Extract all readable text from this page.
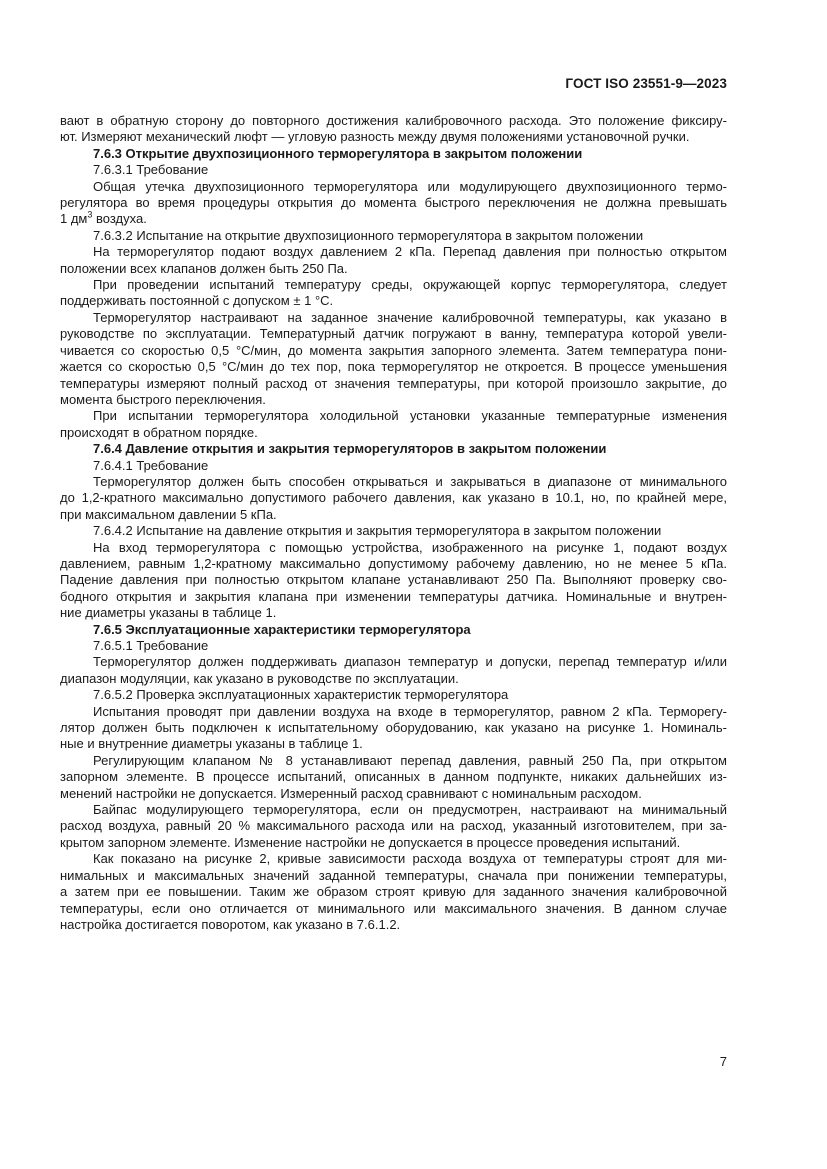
ГОСТ ISO 23551-9—2023

вают в обратную сторону до повторного достижения калибровочного расхода. Это положение фиксиру-

ют. Измеряют механический люфт — угловую разность между двумя положениями установочной ручки.

7.6.3 Открытие двухпозиционного терморегулятора в закрытом положении

7.6.3.1 Требование

Общая утечка двухпозиционного терморегулятора или модулирующего двухпозиционного термо-

регулятора во время процедуры открытия до момента быстрого переключения не должна превышать

1 $дм^3$ воздуха.

7.6.3.2 Испытание на открытие двухпозиционного терморегулятора в закрытом положении

На терморегулятор подают воздух давлением 2 кПа. Перепад давления при полностью открытом

положении всех клапанов должен быть 250 Па.

При проведении испытаний температуру среды, окружающей корпус терморегулятора, следует

поддерживать постоянной с допуском ± 1 °С.

Терморегулятор настраивают на заданное значение калибровочной температуры, как указано в

руководстве по эксплуатации. Температурный датчик погружают в ванну, температура которой увели-

чивается со скоростью 0,5 °С/мин, до момента закрытия запорного элемента. Затем температура пони-

жается со скоростью 0,5 °С/мин до тех пор, пока терморегулятор не откроется. В процессе уменьшения

температуры измеряют полный расход от значения температуры, при которой произошло закрытие, до

момента быстрого переключения.

При испытании терморегулятора холодильной установки указанные температурные изменения

происходят в обратном порядке.

7.6.4 Давление открытия и закрытия терморегуляторов в закрытом положении

7.6.4.1 Требование

Терморегулятор должен быть способен открываться и закрываться в диапазоне от минимального

до 1,2-кратного максимально допустимого рабочего давления, как указано в 10.1, но, по крайней мере,

при максимальном давлении 5 кПа.

7.6.4.2 Испытание на давление открытия и закрытия терморегулятора в закрытом положении

На вход терморегулятора с помощью устройства, изображенного на рисунке 1, подают воздух

давлением, равным 1,2-кратному максимально допустимому рабочему давлению, но не менее 5 кПа.

Падение давления при полностью открытом клапане устанавливают 250 Па. Выполняют проверку сво-

бодного открытия и закрытия клапана при изменении температуры датчика. Номинальные и внутрен-

ние диаметры указаны в таблице 1.

7.6.5 Эксплуатационные характеристики терморегулятора

7.6.5.1 Требование

Терморегулятор должен поддерживать диапазон температур и допуски, перепад температур и/или

диапазон модуляции, как указано в руководстве по эксплуатации.

7.6.5.2 Проверка эксплуатационных характеристик терморегулятора

Испытания проводят при давлении воздуха на входе в терморегулятор, равном 2 кПа. Терморегу-

лятор должен быть подключен к испытательному оборудованию, как указано на рисунке 1. Номиналь-

ные и внутренние диаметры указаны в таблице 1.

Регулирующим клапаном № 8 устанавливают перепад давления, равный 250 Па, при открытом

запорном элементе. В процессе испытаний, описанных в данном подпункте, никаких дальнейших из-

менений настройки не допускается. Измеренный расход сравнивают с номинальным расходом.

Байпас модулирующего терморегулятора, если он предусмотрен, настраивают на минимальный

расход воздуха, равный 20 % максимального расхода или на расход, указанный изготовителем, при за-

крытом запорном элементе. Изменение настройки не допускается в процессе проведения испытаний.

Как показано на рисунке 2, кривые зависимости расхода воздуха от температуры строят для ми-

нимальных и максимальных значений заданной температуры, сначала при понижении температуры,

а затем при ее повышении. Таким же образом строят кривую для заданного значения калибровочной

температуры, если оно отличается от минимального или максимального значения. В данном случае

настройка достигается поворотом, как указано в 7.6.1.2.

7
